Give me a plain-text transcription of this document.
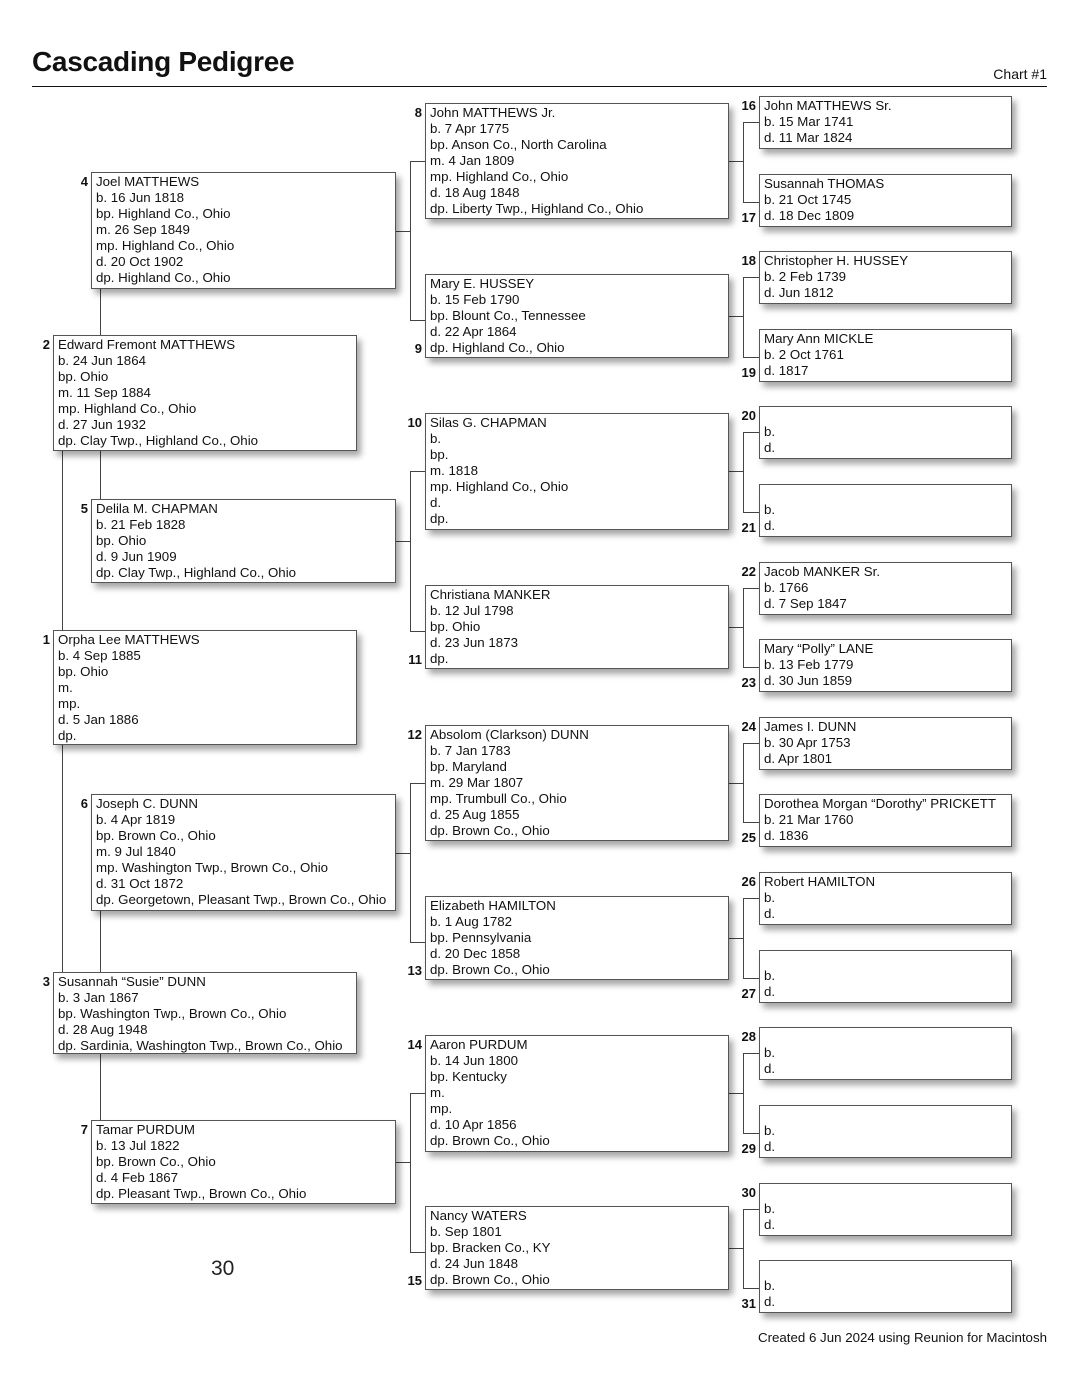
Cascading Pedigree	Chart #1
Orpha Lee MATTHEWS
b. 4 Sep 1885
bp. Ohio
m.
mp.
d. 5 Jan 1886
dp.
1
Edward Fremont MATTHEWS
b. 24 Jun 1864
bp. Ohio
m. 11 Sep 1884
mp. Highland Co., Ohio
d. 27 Jun 1932
dp. Clay Twp., Highland Co., Ohio
2
Susannah “Susie” DUNN
b. 3 Jan 1867
bp. Washington Twp., Brown Co., Ohio
d. 28 Aug 1948
dp. Sardinia, Washington Twp., Brown Co., Ohio
3
Joel MATTHEWS
b. 16 Jun 1818
bp. Highland Co., Ohio
m. 26 Sep 1849
mp. Highland Co., Ohio
d. 20 Oct 1902
dp. Highland Co., Ohio
4
Delila M. CHAPMAN
b. 21 Feb 1828
bp. Ohio
d. 9 Jun 1909
dp. Clay Twp., Highland Co., Ohio
5
Joseph C. DUNN
b. 4 Apr 1819
bp. Brown Co., Ohio
m. 9 Jul 1840
mp. Washington Twp., Brown Co., Ohio
d. 31 Oct 1872
dp. Georgetown, Pleasant Twp., Brown Co., Ohio
6
Tamar PURDUM
b. 13 Jul 1822
bp. Brown Co., Ohio
d. 4 Feb 1867
dp. Pleasant Twp., Brown Co., Ohio
7
John MATTHEWS Jr.
b. 7 Apr 1775
bp. Anson Co., North Carolina
m. 4 Jan 1809
mp. Highland Co., Ohio
d. 18 Aug 1848
dp. Liberty Twp., Highland Co., Ohio
8
Mary E. HUSSEY
b. 15 Feb 1790
bp. Blount Co., Tennessee
d. 22 Apr 1864
dp. Highland Co., Ohio
9
Silas G. CHAPMAN
b.
bp.
m. 1818
mp. Highland Co., Ohio
d.
dp.
10
Christiana MANKER
b. 12 Jul 1798
bp. Ohio
d. 23 Jun 1873
dp.
11
Absolom (Clarkson) DUNN
b. 7 Jan 1783
bp. Maryland
m. 29 Mar 1807
mp. Trumbull Co., Ohio
d. 25 Aug 1855
dp. Brown Co., Ohio
12
Elizabeth HAMILTON
b. 1 Aug 1782
bp. Pennsylvania
d. 20 Dec 1858
dp. Brown Co., Ohio
13
Aaron PURDUM
b. 14 Jun 1800
bp. Kentucky
m.
mp.
d. 10 Apr 1856
dp. Brown Co., Ohio
14
Nancy WATERS
b. Sep 1801
bp. Bracken Co., KY
d. 24 Jun 1848
dp. Brown Co., Ohio
15
John MATTHEWS Sr.
b. 15 Mar 1741
d. 11 Mar 1824
16
Susannah THOMAS
b. 21 Oct 1745
d. 18 Dec 1809
17
Christopher H. HUSSEY
b. 2 Feb 1739
d. Jun 1812
18
Mary Ann MICKLE
b. 2 Oct 1761
d. 1817
19

b.
d.
20

b.
d.
21
Jacob MANKER Sr.
b. 1766
d. 7 Sep 1847
22
Mary “Polly” LANE
b. 13 Feb 1779
d. 30 Jun 1859
23
James I. DUNN
b. 30 Apr 1753
d. Apr 1801
24
Dorothea Morgan “Dorothy” PRICKETT
b. 21 Mar 1760
d. 1836
25
Robert HAMILTON
b.
d.
26

b.
d.
27

b.
d.
28

b.
d.
29

b.
d.
30

b.
d.
31
30
Created 6 Jun 2024 using Reunion for Macintosh
